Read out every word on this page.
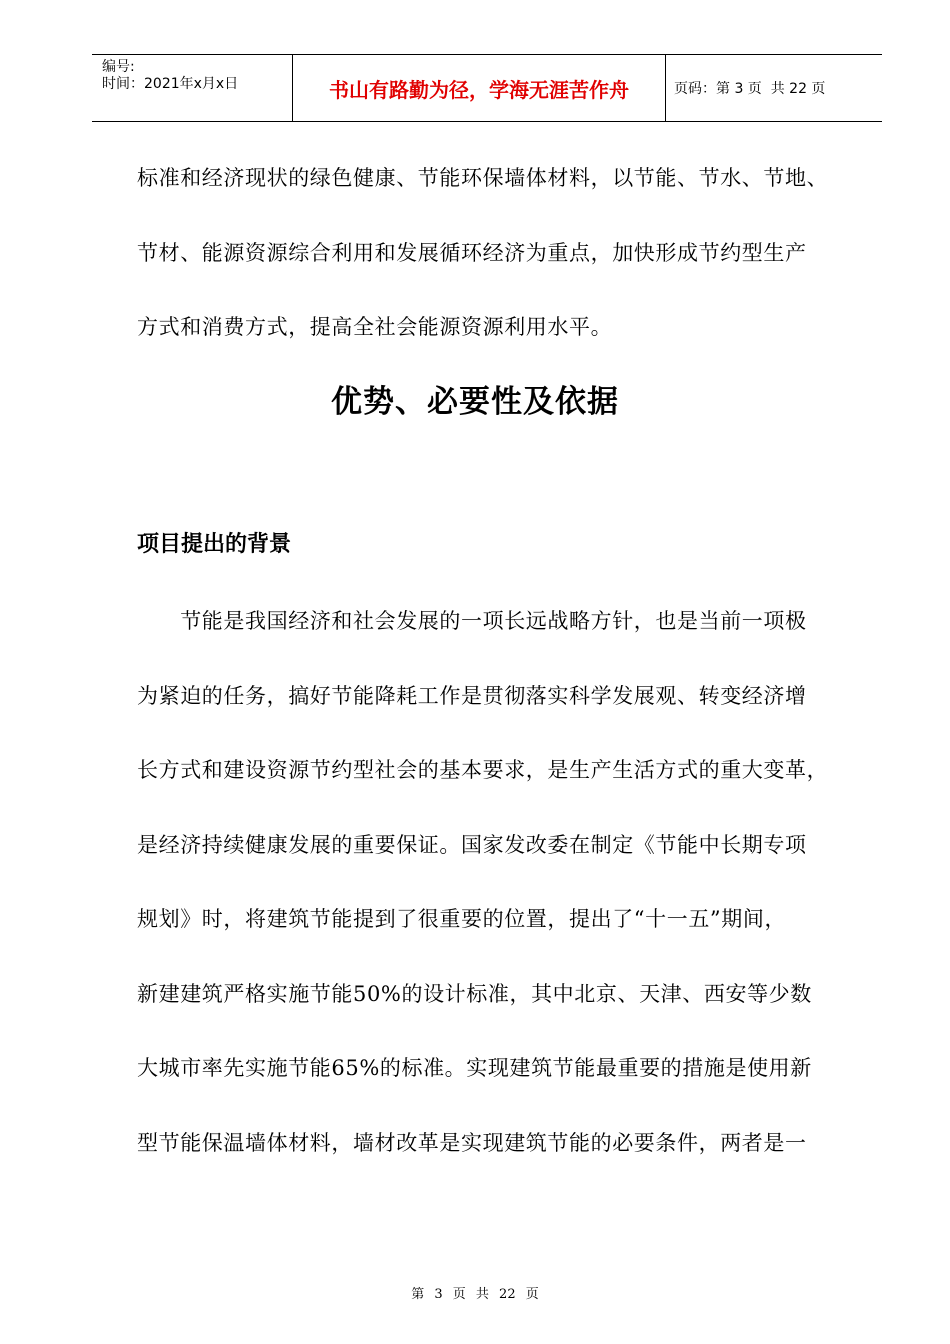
编号:
时间：2021年x月x日	书山有路勤为径，学海无涯苦作舟	页码：第 3 页  共 22 页
标准和经济现状的绿色健康、节能环保墙体材料，以节能、节水、节地、
节材、能源资源综合利用和发展循环经济为重点，加快形成节约型生产
方式和消费方式，提高全社会能源资源利用水平。
优势、必要性及依据
项目提出的背景
　　节能是我国经济和社会发展的一项长远战略方针，也是当前一项极
为紧迫的任务，搞好节能降耗工作是贯彻落实科学发展观、转变经济增
长方式和建设资源节约型社会的基本要求，是生产生活方式的重大变革，
是经济持续健康发展的重要保证。国家发改委在制定《节能中长期专项
规划》时，将建筑节能提到了很重要的位置，提出了“十一五”期间，
新建建筑严格实施节能50%的设计标准，其中北京、天津、西安等少数
大城市率先实施节能65%的标准。实现建筑节能最重要的措施是使用新
型节能保温墙体材料，墙材改革是实现建筑节能的必要条件，两者是一
第 3 页 共 22 页
